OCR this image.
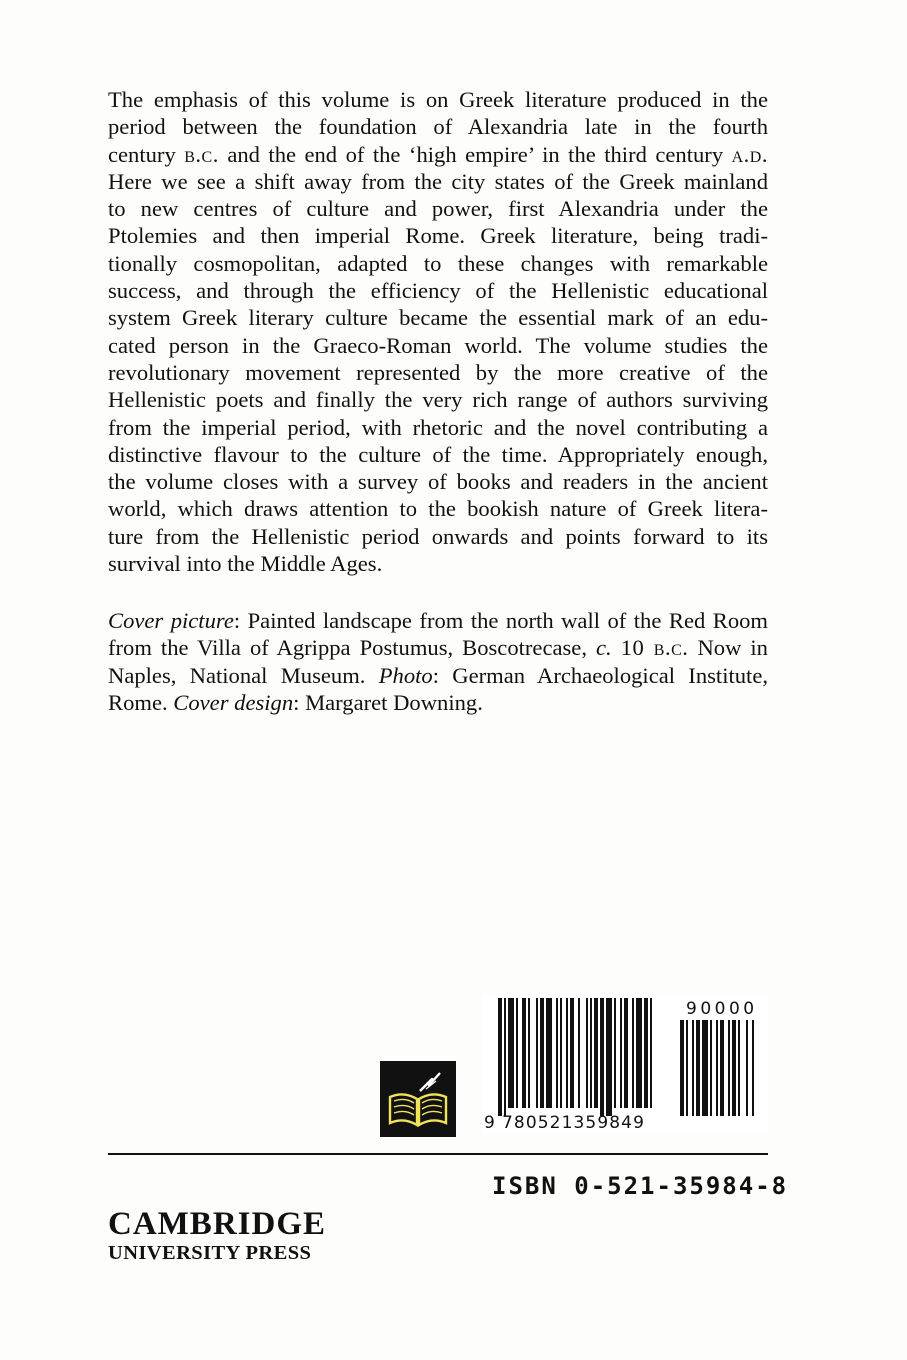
The emphasis of this volume is on Greek literature produced in the
period between the foundation of Alexandria late in the fourth
century b.c. and the end of the ‘high empire’ in the third century a.d.
Here we see a shift away from the city states of the Greek mainland
to new centres of culture and power, first Alexandria under the
Ptolemies and then imperial Rome. Greek literature, being tradi-
tionally cosmopolitan, adapted to these changes with remarkable
success, and through the efficiency of the Hellenistic educational
system Greek literary culture became the essential mark of an edu-
cated person in the Graeco-Roman world. The volume studies the
revolutionary movement represented by the more creative of the
Hellenistic poets and finally the very rich range of authors surviving
from the imperial period, with rhetoric and the novel contributing a
distinctive flavour to the culture of the time. Appropriately enough,
the volume closes with a survey of books and readers in the ancient
world, which draws attention to the bookish nature of Greek litera-
ture from the Hellenistic period onwards and points forward to its
survival into the Middle Ages.
Cover picture: Painted landscape from the north wall of the Red Room
from the Villa of Agrippa Postumus, Boscotrecase, c. 10 b.c. Now in
Naples, National Museum. Photo: German Archaeological Institute,
Rome. Cover design: Margaret Downing.
9 780521359849
90000
ISBN 0-521-35984-8
CAMBRIDGE
UNIVERSITY PRESS
